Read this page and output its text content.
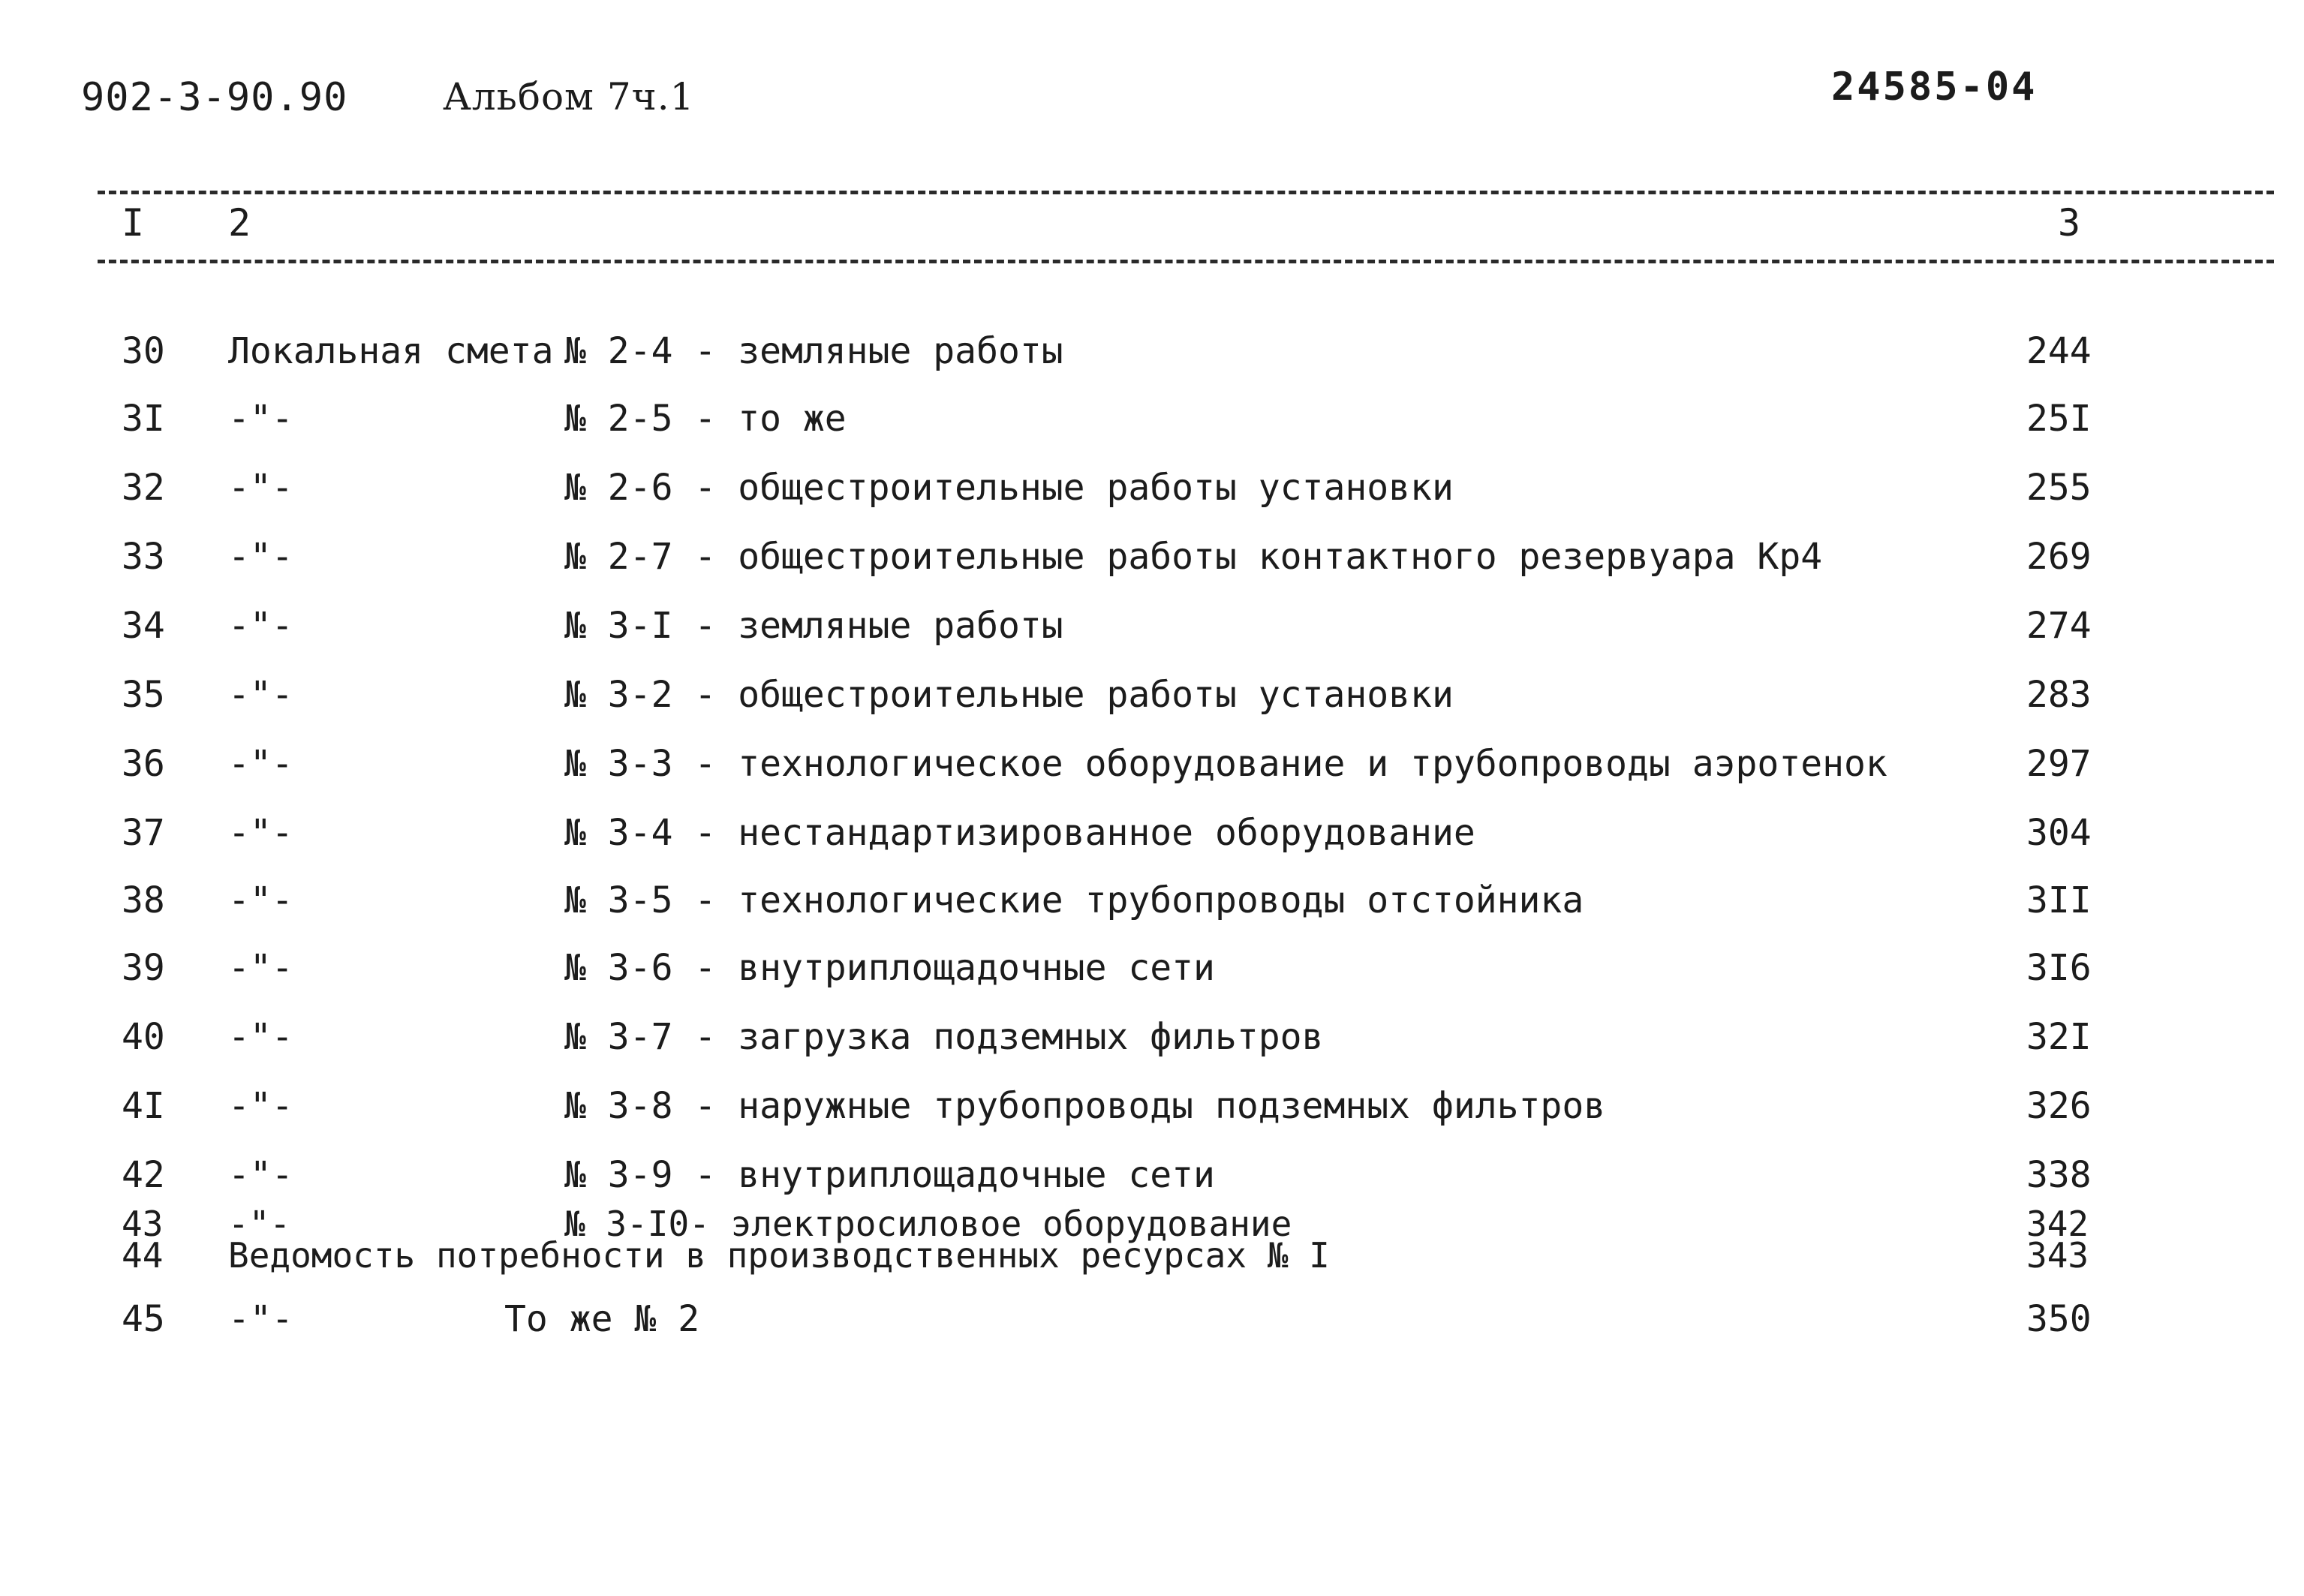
902-3-90.90	Альбом 7ч.1	24585-04
I 2	3
30 Локальная смета № 2-4 - земляные работы	244
3I -"-	№ 2-5 - то же	25I
32 -"-	№ 2-6 - общестроительные работы установки	255
33 -"-	№ 2-7 - общестроительные работы контактного резервуара Кр4	269
34 -"-	№ 3-I - земляные работы	274
35 -"-	№ 3-2 - общестроительные работы установки	283
36 -"-	№ 3-3 - технологическое оборудование и трубопроводы аэротенок	297
37 -"-	№ 3-4 - нестандартизированное оборудование	304
38 -"-	№ 3-5 - технологические трубопроводы отстойника	3II
39 -"-	№ 3-6 - внутриплощадочные сети	3I6
40 -"-	№ 3-7 - загрузка подземных фильтров	32I
4I -"-	№ 3-8 - наружные трубопроводы подземных фильтров	326
42 -"-	№ 3-9 - внутриплощадочные сети	338
43 -"-	№ 3-I0- электросиловое оборудование	342
44 Ведомость потребности в производственных ресурсах № I	343
45 -"-	То же № 2	350
